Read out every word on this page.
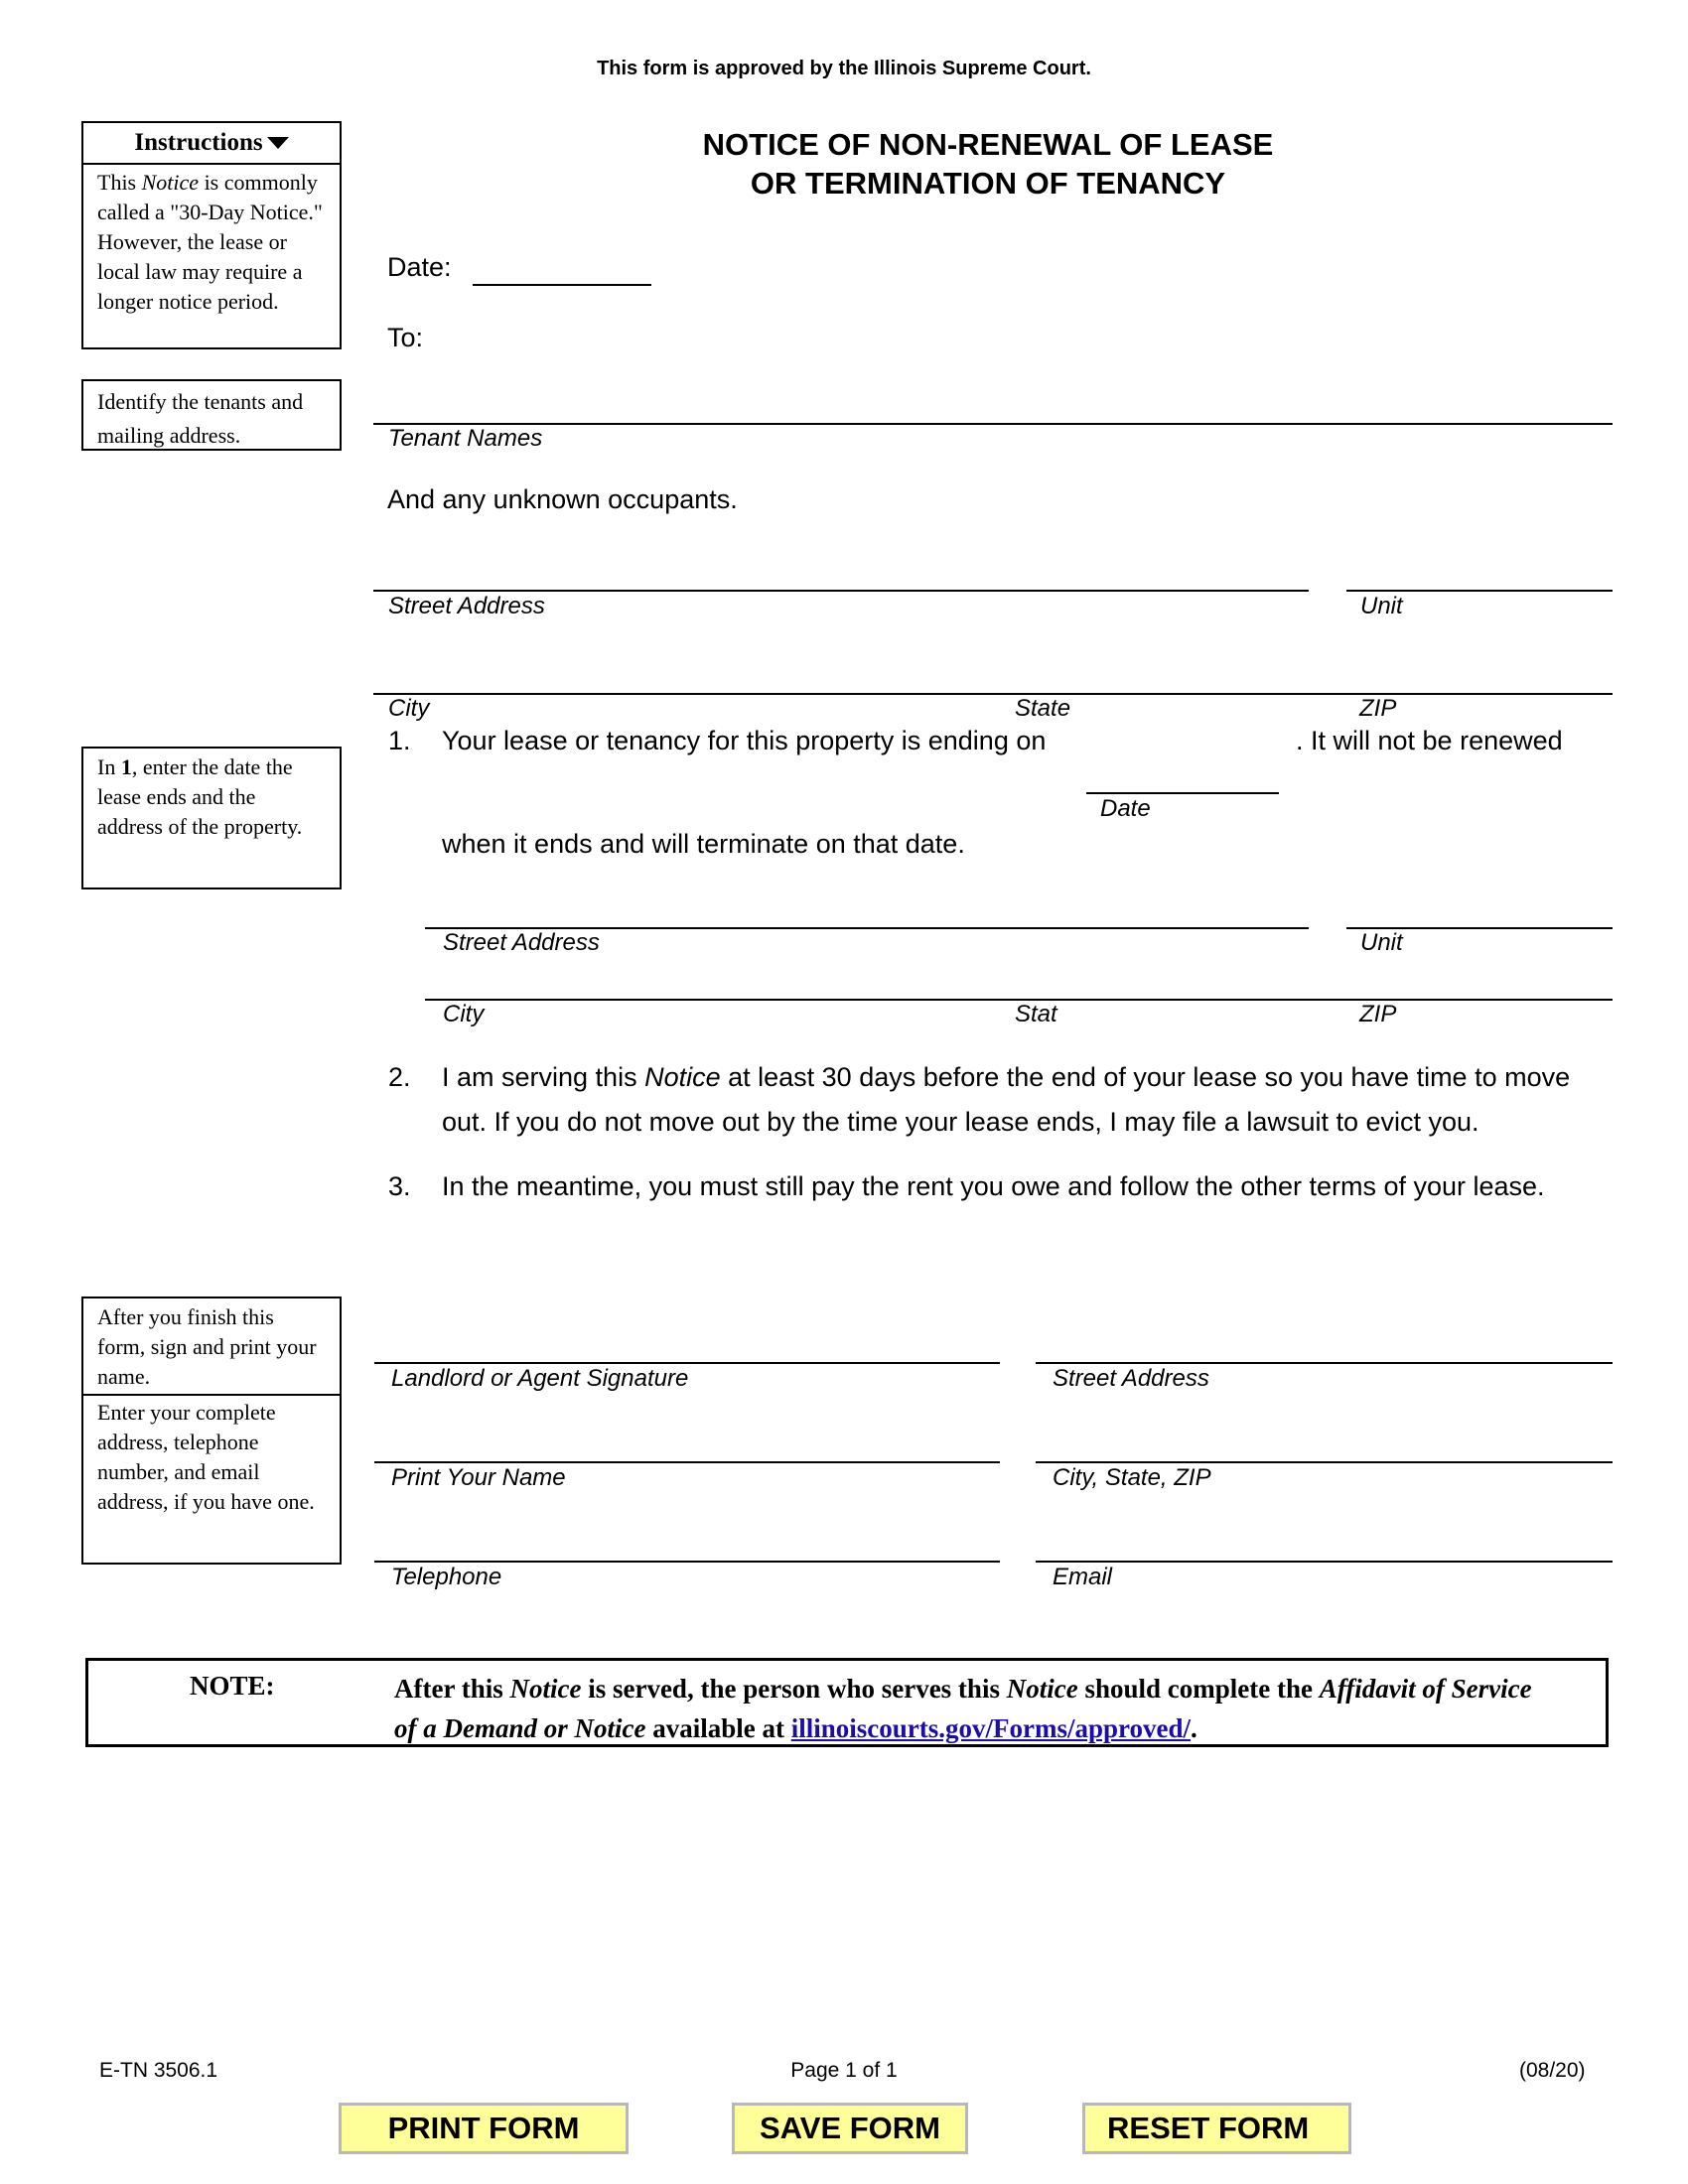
This form is approved by the Illinois Supreme Court.
NOTICE OF NON-RENEWAL OF LEASE
OR TERMINATION OF TENANCY
Instructions
This Notice is commonly called a "30-Day Notice." However, the lease or local law may require a longer notice period.
Identify the tenants and mailing address.
In 1, enter the date the lease ends and the address of the property.
After you finish this form, sign and print your name.
Enter your complete address, telephone number, and email address, if you have one.
Date:
To:
Tenant Names
And any unknown occupants.
Street Address	Unit
City	State	ZIP
1. Your lease or tenancy for this property is ending on
Date
. It will not be renewed
when it ends and will terminate on that date.
Street Address	Unit
City	Stat	ZIP
2. I am serving this Notice at least 30 days before the end of your lease so you have time to move
out. If you do not move out by the time your lease ends, I may file a lawsuit to evict you.
3. In the meantime, you must still pay the rent you owe and follow the other terms of your lease.
Landlord or Agent Signature	Street Address
Print Your Name	City, State, ZIP
Telephone	Email
NOTE:	After this Notice is served, the person who serves this Notice should complete the Affidavit of Service
of a Demand or Notice available at illinoiscourts.gov/Forms/approved/.
E-TN 3506.1	Page 1 of 1	(08/20)
PRINT FORM	SAVE FORM	RESET FORM
